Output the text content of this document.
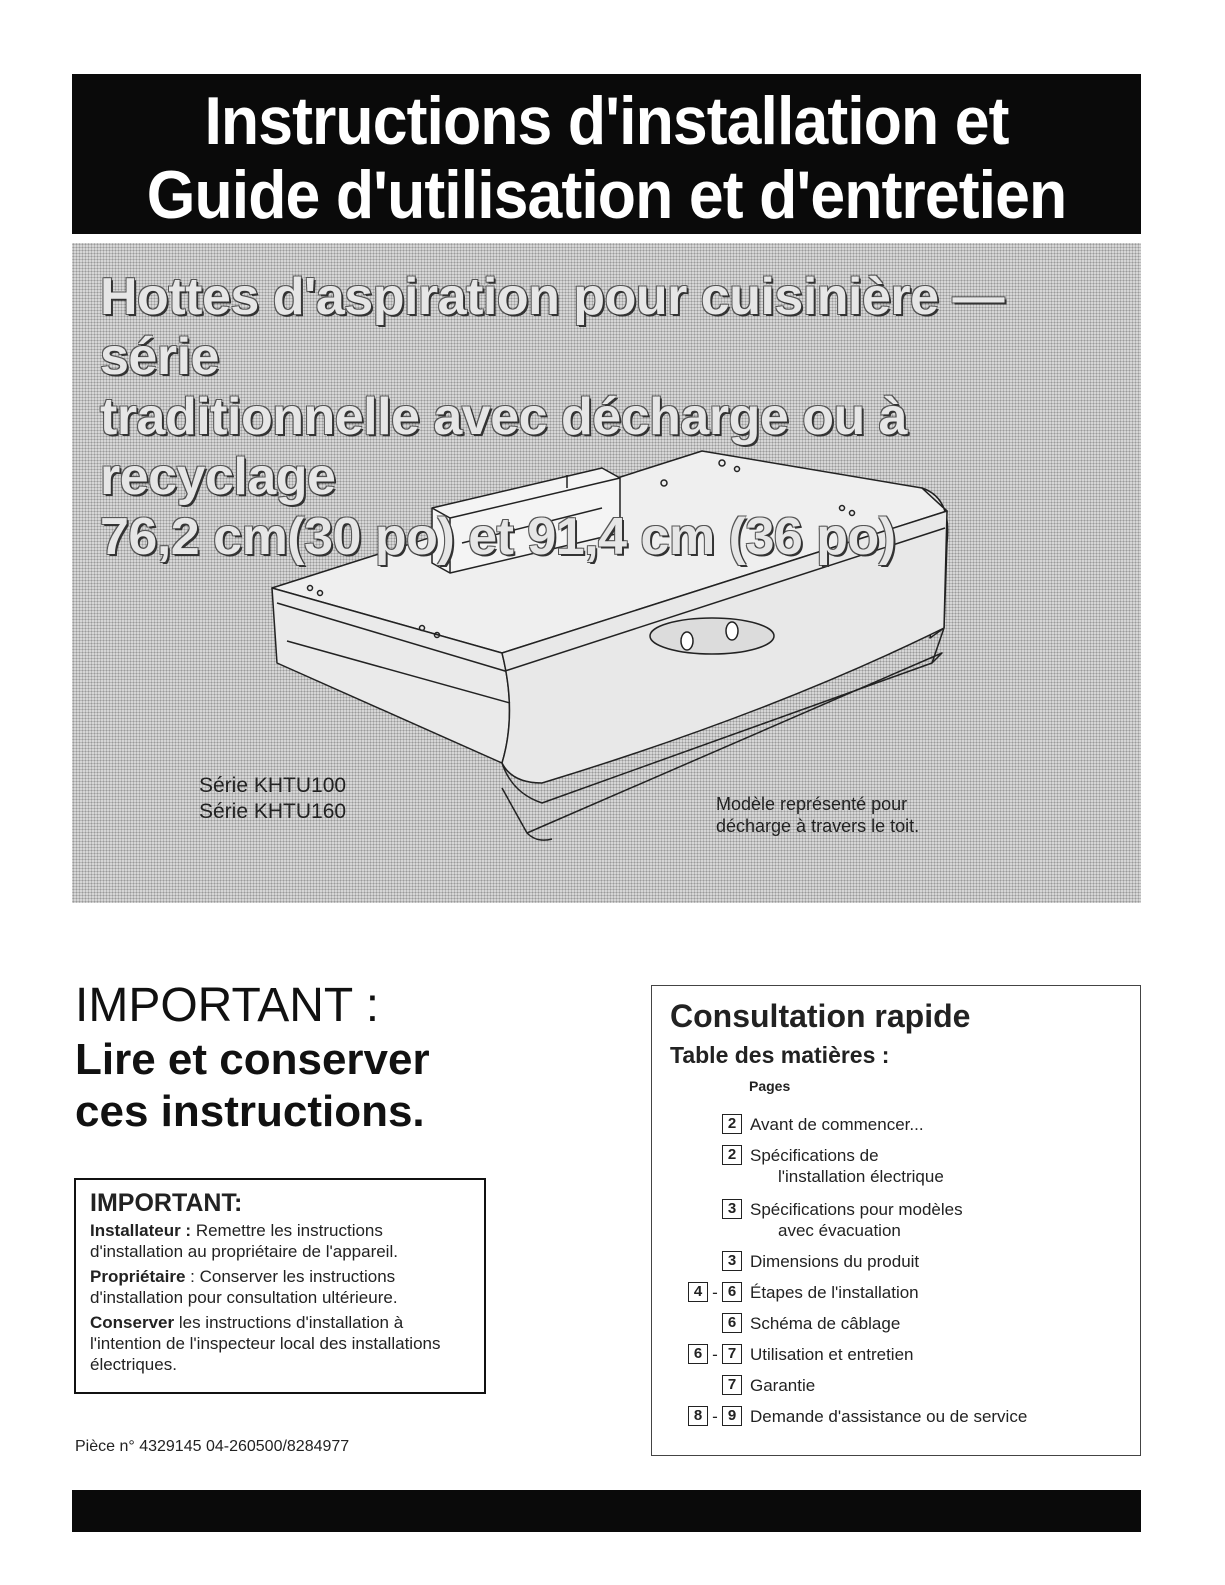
Instructions d'installation et
Guide d'utilisation et d'entretien
Hottes d'aspiration pour cuisinière — série
traditionnelle avec décharge ou à recyclage
76,2 cm(30 po) et 91,4 cm (36 po)
Série KHTU100
Série KHTU160	Modèle représenté pour
décharge à travers le toit.
IMPORTANT :
Lire et conserver
ces instructions.
IMPORTANT:

Installateur : Remettre les instructions d'installation au propriétaire de l'appareil.

Propriétaire : Conserver les instructions d'installation pour consultation ultérieure.

Conserver les instructions d'installation à l'intention de l'inspecteur local des installations électriques.

Pièce n° 4329145 04-260500/8284977
Consultation rapide
Table des matières :
Pages
2 Avant de commencer...
2 Spécifications de
l'installation électrique
3 Spécifications pour modèles
avec évacuation
3 Dimensions du produit
4 - 6 Étapes de l'installation
6 Schéma de câblage
6 - 7 Utilisation et entretien
7 Garantie
8 - 9 Demande d'assistance ou de service
